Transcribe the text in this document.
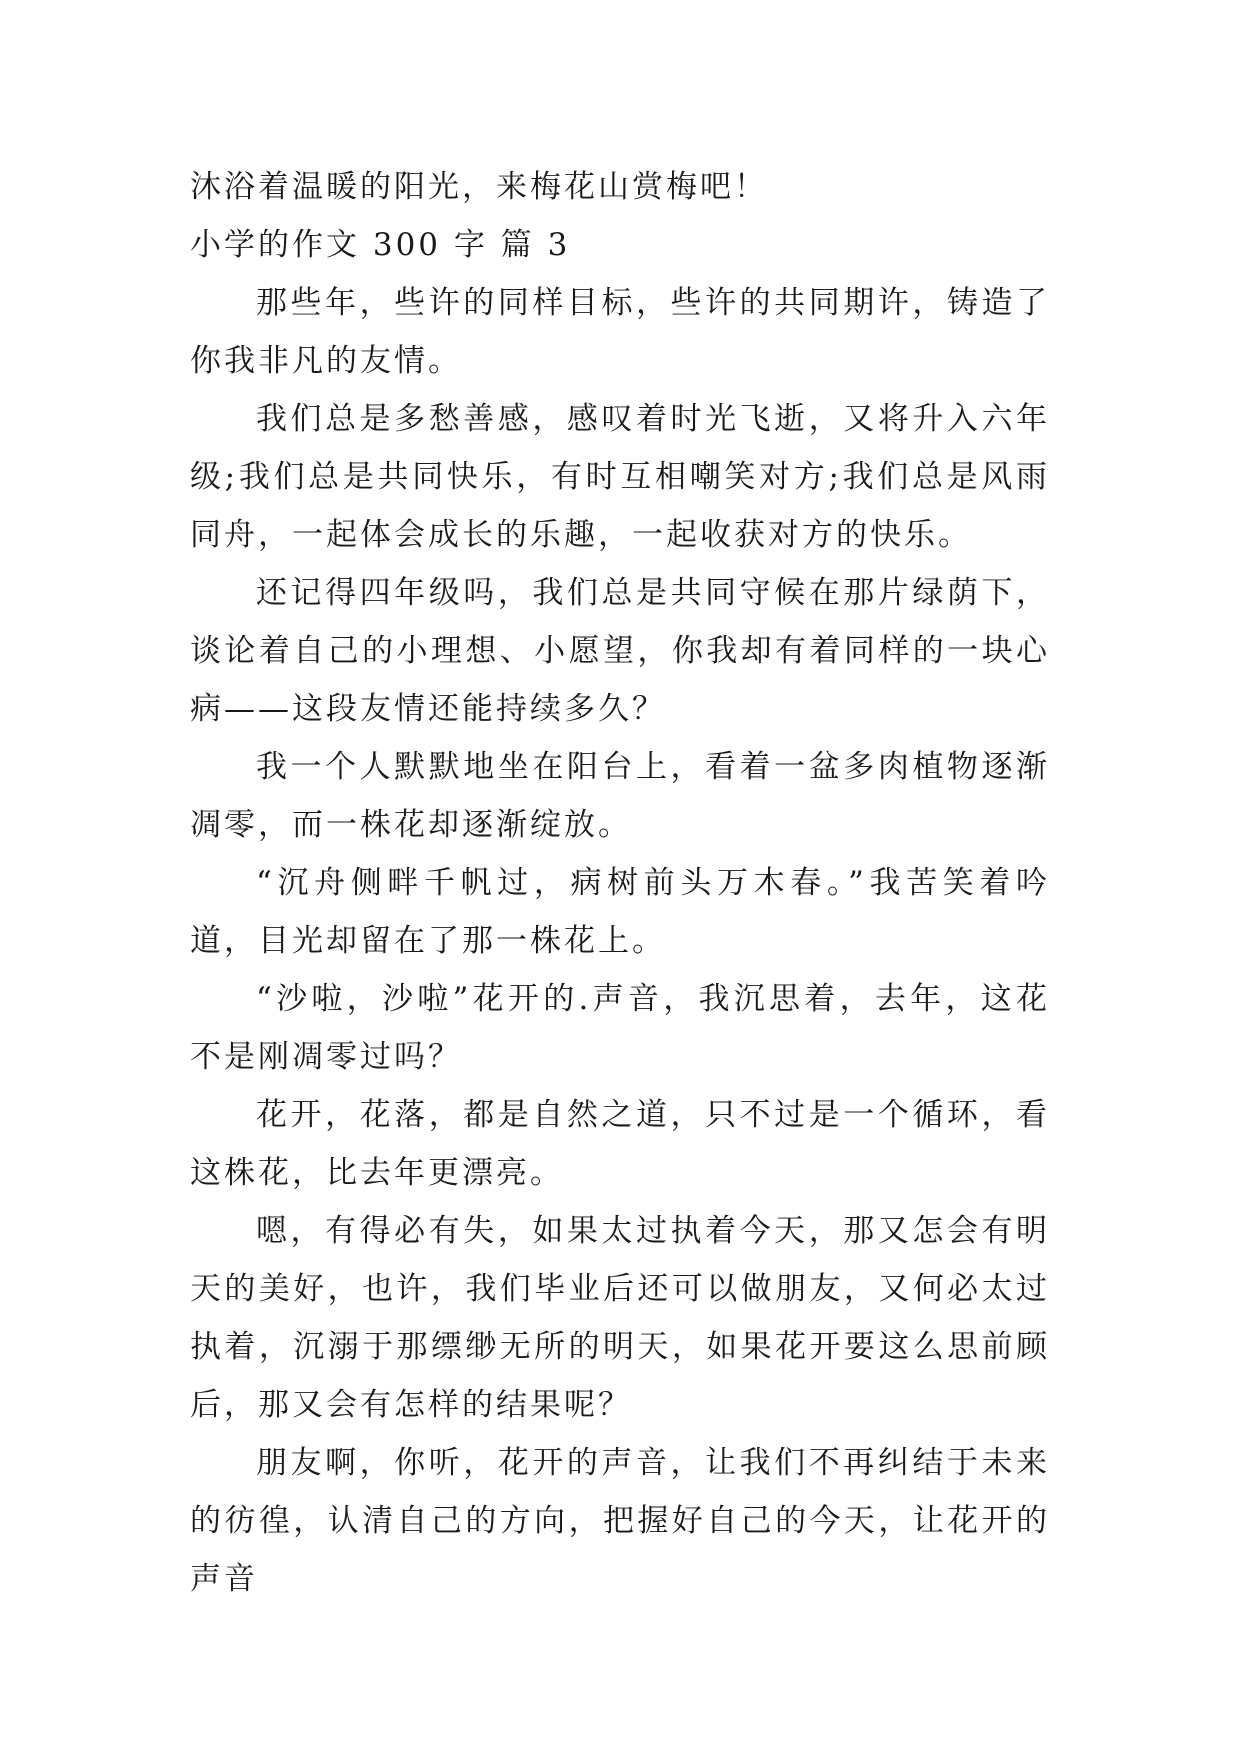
沐浴着温暖的阳光，来梅花山赏梅吧！

小学的作文 300 字 篇 3

那些年，些许的同样目标，些许的共同期许，铸造了你我非凡的友情。

我们总是多愁善感，感叹着时光飞逝，又将升入六年级;我们总是共同快乐，有时互相嘲笑对方;我们总是风雨同舟，一起体会成长的乐趣，一起收获对方的快乐。

还记得四年级吗，我们总是共同守候在那片绿荫下，谈论着自己的小理想、小愿望，你我却有着同样的一块心病——这段友情还能持续多久？

我一个人默默地坐在阳台上，看着一盆多肉植物逐渐凋零，而一株花却逐渐绽放。

“沉舟侧畔千帆过，病树前头万木春。”我苦笑着吟道，目光却留在了那一株花上。

“沙啦，沙啦”花开的.声音，我沉思着，去年，这花不是刚凋零过吗？

花开，花落，都是自然之道，只不过是一个循环，看这株花，比去年更漂亮。

嗯，有得必有失，如果太过执着今天，那又怎会有明天的美好，也许，我们毕业后还可以做朋友，又何必太过执着，沉溺于那缥缈无所的明天，如果花开要这么思前顾后，那又会有怎样的结果呢？

朋友啊，你听，花开的声音，让我们不再纠结于未来的彷徨，认清自己的方向，把握好自己的今天，让花开的声音
